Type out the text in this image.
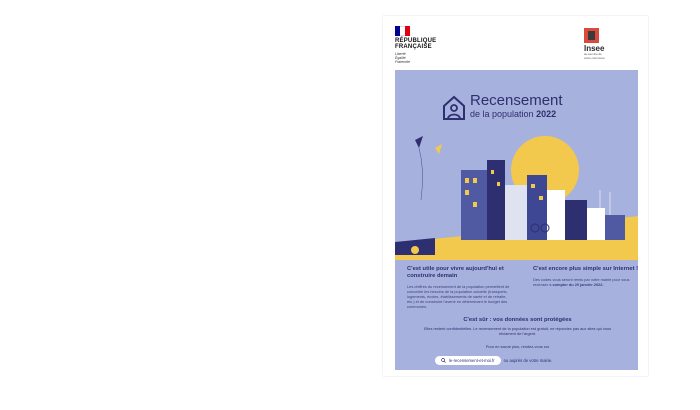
RÉPUBLIQUE
FRANÇAISE
Liberté
Égalité
Fraternité
Insee
au service de
votre commune
Recensement
de la population 2022
C'est utile pour vivre aujourd'hui et construire demain

Les chiffres du recensement de la population permettent de connaître les besoins de la population actuelle (transports, logements, écoles, établissements de santé et de retraite, etc.) et de construire l'avenir en déterminant le budget des communes.

C'est encore plus simple sur Internet !

Des codes vous seront remis par votre mairie pour vous recenser à compter du 20 janvier 2022.

C'est sûr : vos données sont protégées

Elles restent confidentielles. Le recensement de la population est gratuit, ne répondez pas aux sites qui vous réclament de l'argent.

Pour en savoir plus, rendez-vous sur
le-recensement-et-moi.fr ou auprès de votre mairie.
